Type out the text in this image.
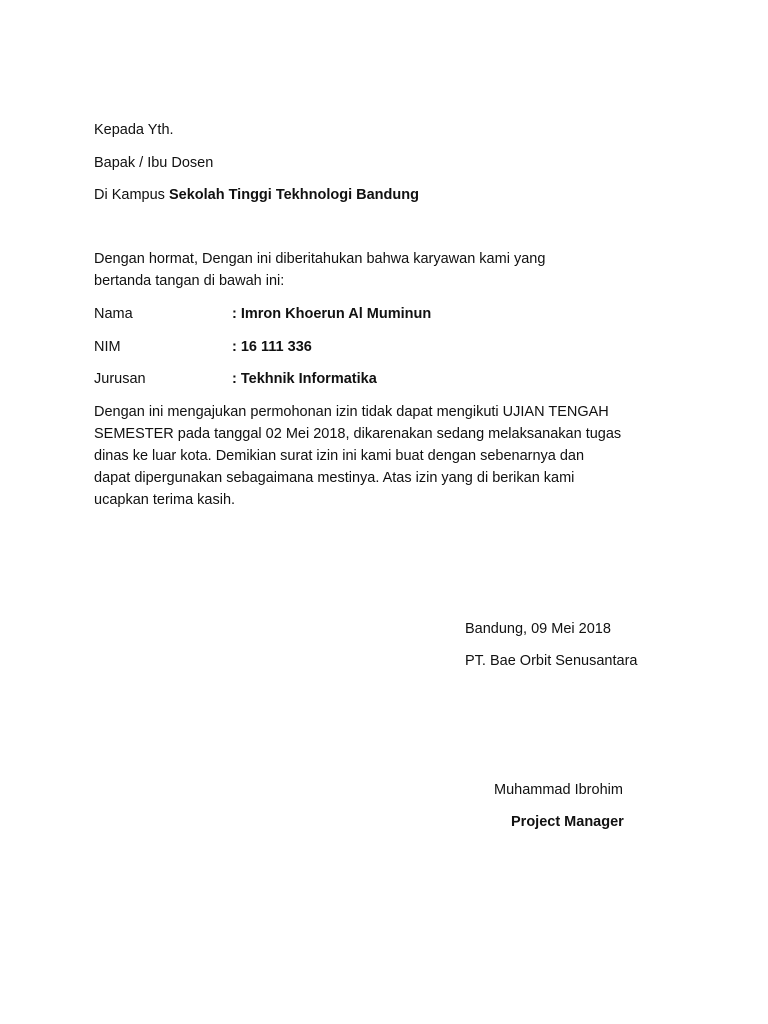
Kepada Yth.
Bapak / Ibu Dosen
Di Kampus Sekolah Tinggi Tekhnologi Bandung
Dengan hormat, Dengan ini diberitahukan bahwa karyawan kami yang
bertanda tangan di bawah ini:
Nama	: Imron Khoerun Al Muminun
NIM	: 16 111 336
Jurusan	: Tekhnik Informatika
Dengan ini mengajukan permohonan izin tidak dapat mengikuti UJIAN TENGAH
SEMESTER pada tanggal 02 Mei 2018, dikarenakan sedang melaksanakan tugas
dinas ke luar kota. Demikian surat izin ini kami buat dengan sebenarnya dan
dapat dipergunakan sebagaimana mestinya. Atas izin yang di berikan kami
ucapkan terima kasih.
Bandung, 09 Mei 2018
PT. Bae Orbit Senusantara
Muhammad Ibrohim
Project Manager
